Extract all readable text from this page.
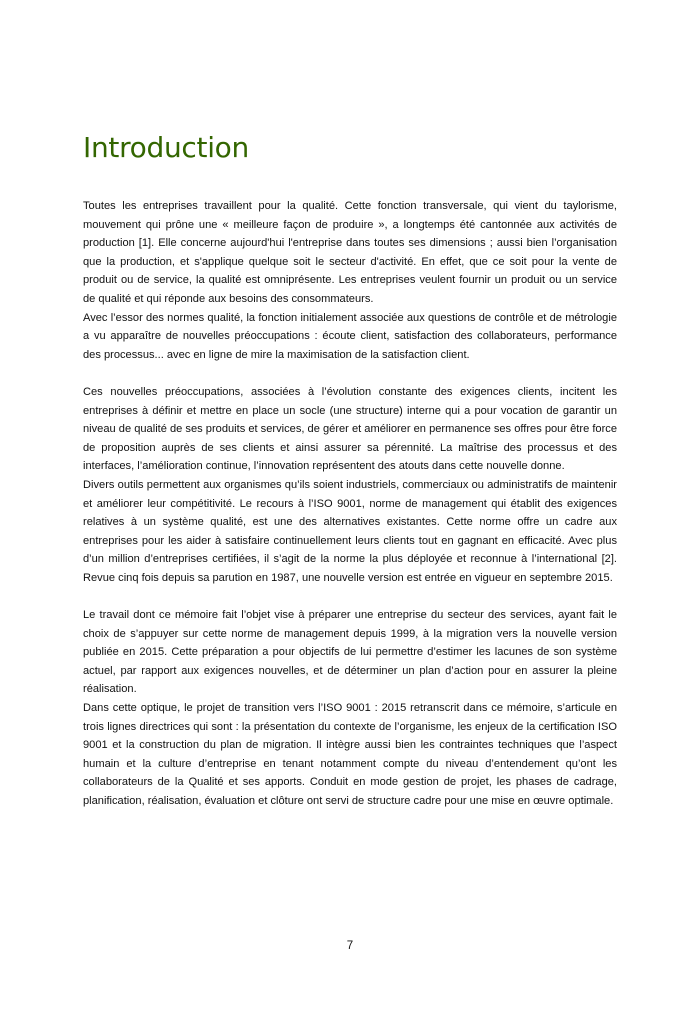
Introduction

Toutes les entreprises travaillent pour la qualité. Cette fonction transversale, qui vient du taylorisme, mouvement qui prône une « meilleure façon de produire », a longtemps été cantonnée aux activités de production [1]. Elle concerne aujourd'hui l'entreprise dans toutes ses dimensions ; aussi bien l’organisation que la production, et s'applique quelque soit le secteur d'activité. En effet, que ce soit pour la vente de produit ou de service, la qualité est omniprésente. Les entreprises veulent fournir un produit ou un service de qualité et qui réponde aux besoins des consommateurs.

Avec l’essor des normes qualité, la fonction initialement associée aux questions de contrôle et de métrologie a vu apparaître de nouvelles préoccupations : écoute client, satisfaction des collaborateurs, performance des processus... avec en ligne de mire la maximisation de la satisfaction client.

Ces nouvelles préoccupations, associées à l’évolution constante des exigences clients, incitent les entreprises à définir et mettre en place un socle (une structure) interne qui a pour vocation de garantir un niveau de qualité de ses produits et services, de gérer et améliorer en permanence ses offres pour être force de proposition auprès de ses clients et ainsi assurer sa pérennité. La maîtrise des processus et des interfaces, l’amélioration continue, l’innovation représentent des atouts dans cette nouvelle donne.

Divers outils permettent aux organismes qu’ils soient industriels, commerciaux ou administratifs de maintenir et améliorer leur compétitivité. Le recours à l’ISO 9001, norme de management qui établit des exigences relatives à un système qualité, est une des alternatives existantes. Cette norme offre un cadre aux entreprises pour les aider à satisfaire continuellement leurs clients tout en gagnant en efficacité. Avec plus d’un million d’entreprises certifiées, il s’agit de la norme la plus déployée et reconnue à l’international [2]. Revue cinq fois depuis sa parution en 1987, une nouvelle version est entrée en vigueur en septembre 2015.

Le travail dont ce mémoire fait l’objet vise à préparer une entreprise du secteur des services, ayant fait le choix de s’appuyer sur cette norme de management depuis 1999, à la migration vers la nouvelle version publiée en 2015. Cette préparation a pour objectifs de lui permettre d’estimer les lacunes de son système actuel, par rapport aux exigences nouvelles, et de déterminer un plan d’action pour en assurer la pleine réalisation.

Dans cette optique, le projet de transition vers l’ISO 9001 : 2015 retranscrit dans ce mémoire, s’articule en trois lignes directrices qui sont : la présentation du contexte de l’organisme, les enjeux de la certification ISO 9001 et la construction du plan de migration. Il intègre aussi bien les contraintes techniques que l’aspect humain et la culture d’entreprise en tenant notamment compte du niveau d’entendement qu’ont les collaborateurs de la Qualité et ses apports. Conduit en mode gestion de projet, les phases de cadrage, planification, réalisation, évaluation et clôture ont servi de structure cadre pour une mise en œuvre optimale.

7
